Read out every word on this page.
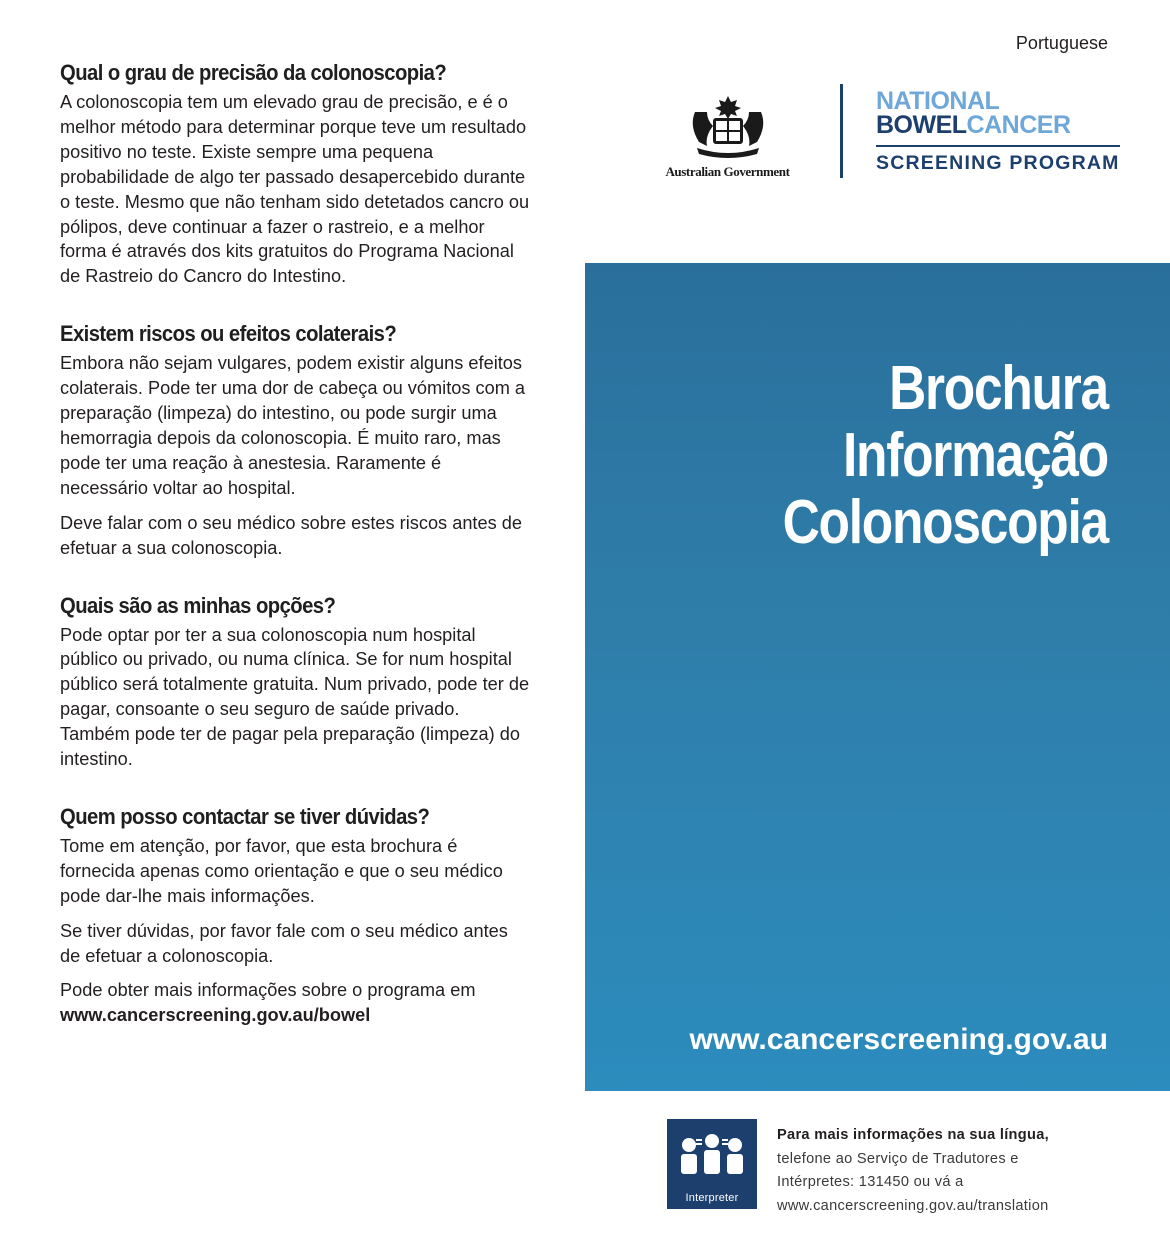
Qual o grau de precisão da colonoscopia?

A colonoscopia tem um elevado grau de precisão, e é o melhor método para determinar porque teve um resultado positivo no teste. Existe sempre uma pequena probabilidade de algo ter passado desapercebido durante o teste. Mesmo que não tenham sido detetados cancro ou pólipos, deve continuar a fazer o rastreio, e a melhor forma é através dos kits gratuitos do Programa Nacional de Rastreio do Cancro do Intestino.

Existem riscos ou efeitos colaterais?

Embora não sejam vulgares, podem existir alguns efeitos colaterais. Pode ter uma dor de cabeça ou vómitos com a preparação (limpeza) do intestino, ou pode surgir uma hemorragia depois da colonoscopia. É muito raro, mas pode ter uma reação à anestesia. Raramente é necessário voltar ao hospital.

Deve falar com o seu médico sobre estes riscos antes de efetuar a sua colonoscopia.

Quais são as minhas opções?

Pode optar por ter a sua colonoscopia num hospital público ou privado, ou numa clínica. Se for num hospital público será totalmente gratuita. Num privado, pode ter de pagar, consoante o seu seguro de saúde privado. Também pode ter de pagar pela preparação (limpeza) do intestino.

Quem posso contactar se tiver dúvidas?

Tome em atenção, por favor, que esta brochura é fornecida apenas como orientação e que o seu médico pode dar-lhe mais informações.

Se tiver dúvidas, por favor fale com o seu médico antes de efetuar a colonoscopia.

Pode obter mais informações sobre o programa em www.cancerscreening.gov.au/bowel

Portuguese
Australian Government
NATIONAL
BOWELCANCER
SCREENING PROGRAM
Brochura
Informação
Colonoscopia
www.cancerscreening.gov.au
Interpreter
Para mais informações na sua língua,
telefone ao Serviço de Tradutores e
Intérpretes: 131450 ou vá a
www.cancerscreening.gov.au/translation
